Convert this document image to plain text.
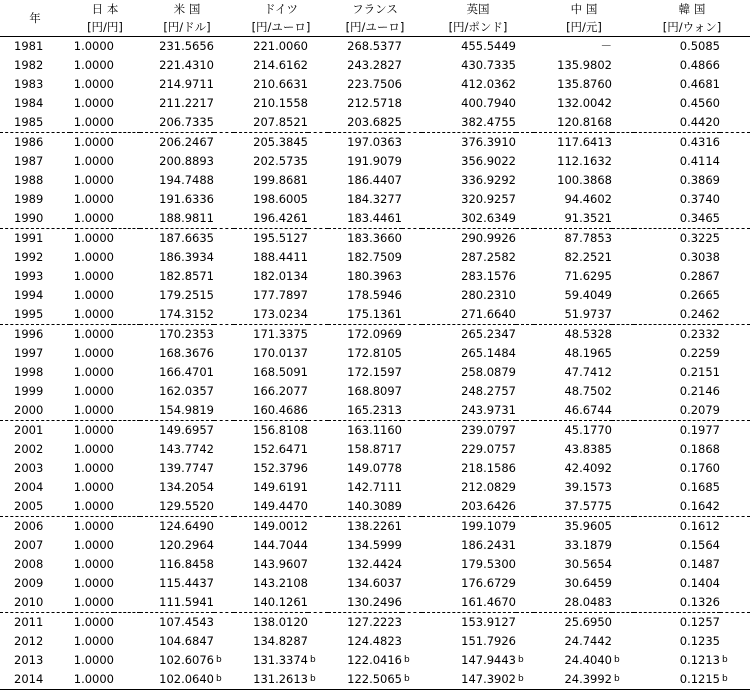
年	日 本		米 国		ドイツ		フランス		英国		中 国		韓 国	
	[円/円]		[円/ドル]		[円/ユーロ]		[円/ユーロ]		[円/ポンド]		[円/元]		[円/ウォン]	
1981	1.0000		231.5656		221.0060		268.5377		455.5449		－		0.5085	
1982	1.0000		221.4310		214.6162		243.2827		430.7335		135.9802		0.4866	
1983	1.0000		214.9711		210.6631		223.7506		412.0362		135.8760		0.4681	
1984	1.0000		211.2217		210.1558		212.5718		400.7940		132.0042		0.4560	
1985	1.0000		206.7335		207.8521		203.6825		382.4755		120.8168		0.4420	
1986	1.0000		206.2467		205.3845		197.0363		376.3910		117.6413		0.4316	
1987	1.0000		200.8893		202.5735		191.9079		356.9022		112.1632		0.4114	
1988	1.0000		194.7488		199.8681		186.4407		336.9292		100.3868		0.3869	
1989	1.0000		191.6336		198.6005		184.3277		320.9257		94.4602		0.3740	
1990	1.0000		188.9811		196.4261		183.4461		302.6349		91.3521		0.3465	
1991	1.0000		187.6635		195.5127		183.3660		290.9926		87.7853		0.3225	
1992	1.0000		186.3934		188.4411		182.7509		287.2582		82.2521		0.3038	
1993	1.0000		182.8571		182.0134		180.3963		283.1576		71.6295		0.2867	
1994	1.0000		179.2515		177.7897		178.5946		280.2310		59.4049		0.2665	
1995	1.0000		174.3152		173.0234		175.1361		271.6640		51.9737		0.2462	
1996	1.0000		170.2353		171.3375		172.0969		265.2347		48.5328		0.2332	
1997	1.0000		168.3676		170.0137		172.8105		265.1484		48.1965		0.2259	
1998	1.0000		166.4701		168.5091		172.1597		258.0879		47.7412		0.2151	
1999	1.0000		162.0357		166.2077		168.8097		248.2757		48.7502		0.2146	
2000	1.0000		154.9819		160.4686		165.2313		243.9731		46.6744		0.2079	
2001	1.0000		149.6957		156.8108		163.1160		239.0797		45.1770		0.1977	
2002	1.0000		143.7742		152.6471		158.8717		229.0757		43.8385		0.1868	
2003	1.0000		139.7747		152.3796		149.0778		218.1586		42.4092		0.1760	
2004	1.0000		134.2054		149.6191		142.7111		212.0829		39.1573		0.1685	
2005	1.0000		129.5520		149.4470		140.3089		203.6426		37.5775		0.1642	
2006	1.0000		124.6490		149.0012		138.2261		199.1079		35.9605		0.1612	
2007	1.0000		120.2964		144.7044		134.5999		186.2431		33.1879		0.1564	
2008	1.0000		116.8458		143.9607		132.4424		179.5300		30.5654		0.1487	
2009	1.0000		115.4437		143.2108		134.6037		176.6729		30.6459		0.1404	
2010	1.0000		111.5941		140.1261		130.2496		161.4670		28.0483		0.1326	
2011	1.0000		107.4543		138.0120		127.2223		153.9127		25.6950		0.1257	
2012	1.0000		104.6847		134.8287		124.4823		151.7926		24.7442		0.1235	
2013	1.0000		102.6076	b	131.3374	b	122.0416	b	147.9443	b	24.4040	b	0.1213	b
2014	1.0000		102.0640	b	131.2613	b	122.5065	b	147.3902	b	24.3992	b	0.1215	b
